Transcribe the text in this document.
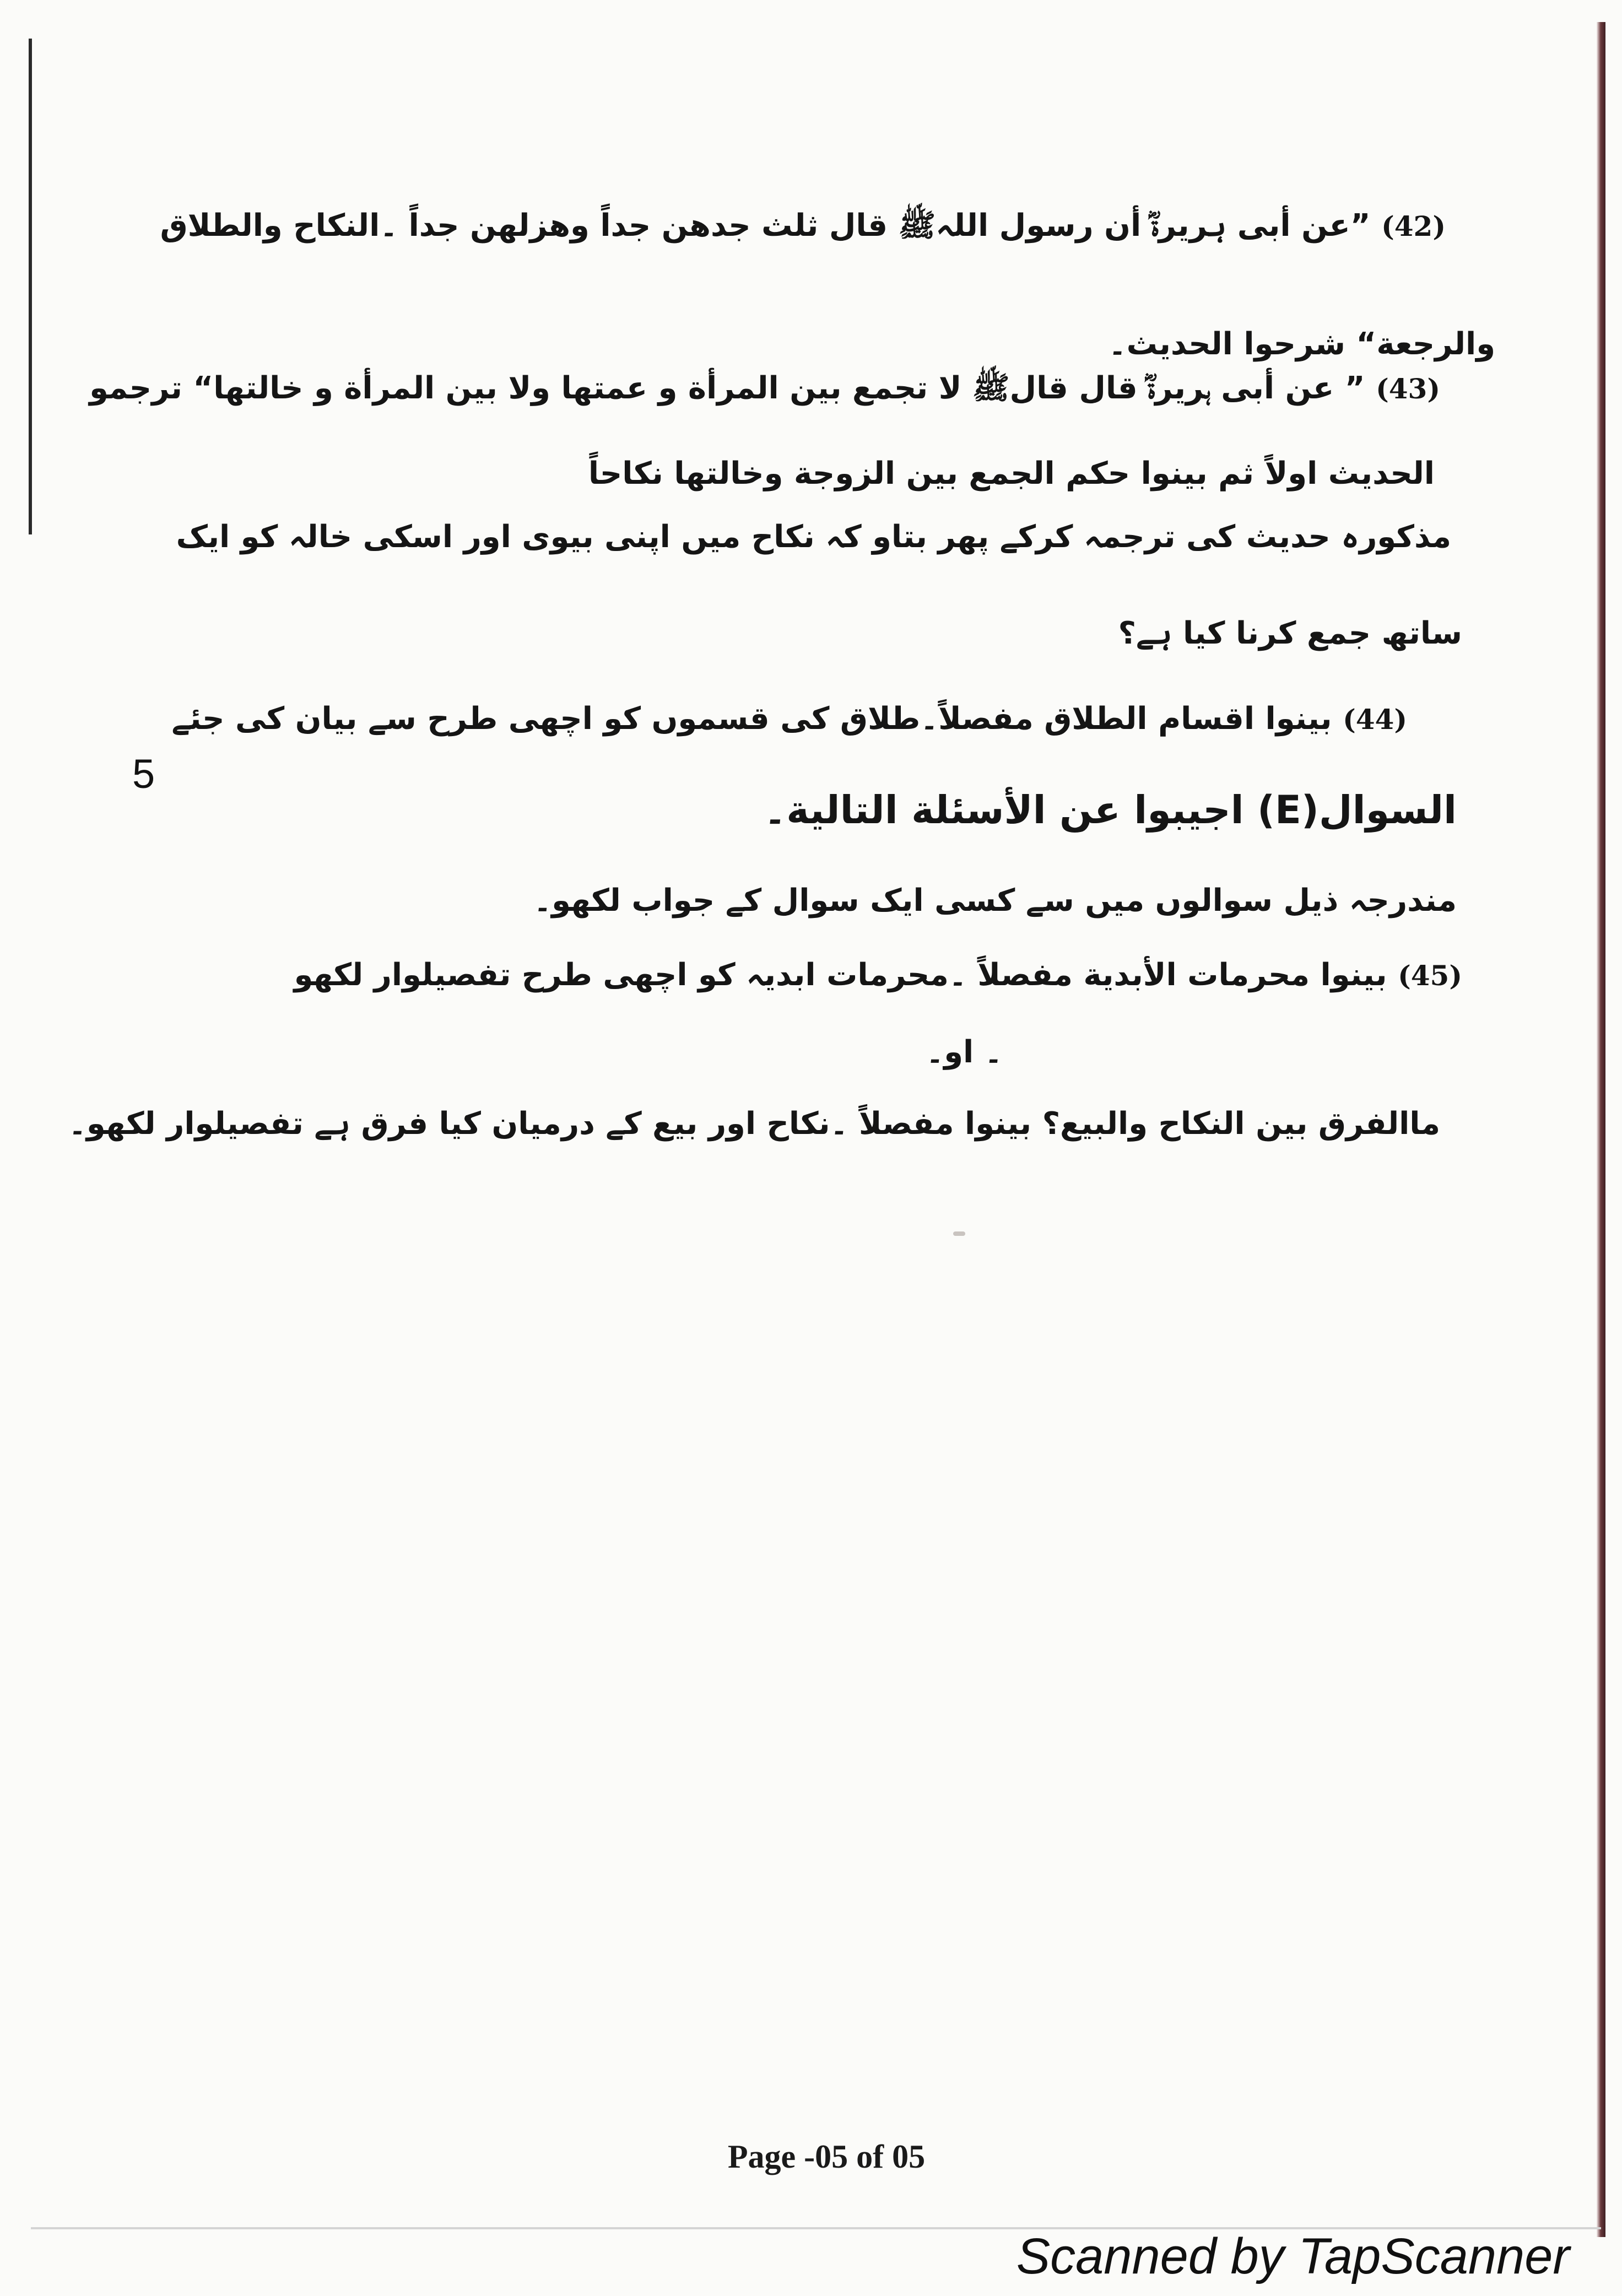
(42) ”عن أبی ہریرةؓ أن رسول اللہﷺ قال ثلث جدھن جداً وھزلھن جداً ۔النکاح والطلاق
والرجعة“ شرحوا الحدیث۔
(43) ” عن أبی ہریرةؓ قال قالﷺ لا تجمع بین المرأة و عمتھا ولا بین المرأة و خالتھا“ ترجمو
الحدیث اولاً ثم بینوا حکم الجمع بین الزوجة وخالتھا نکاحاً
مذکورہ حدیث کی ترجمہ کرکے پھر بتاو کہ نکاح میں اپنی بیوی اور اسکی خالہ کو ایک
ساتھ جمع کرنا کیا ہے؟
(44) بینوا اقسام الطلاق مفصلاً۔طلاق کی قسموں کو اچھی طرح سے بیان کی جئے
5
السوال(E) اجیبوا عن الأسئلة التالیة۔
مندرجہ ذیل سوالوں میں سے کسی ایک سوال کے جواب لکھو۔
(45) بینوا محرمات الأبدیة مفصلاً ۔محرمات ابدیہ کو اچھی طرح تفصیلوار لکھو
۔ او۔
ماالفرق بین النکاح والبیع؟ بینوا مفصلاً ۔نکاح اور بیع کے درمیان کیا فرق ہے تفصیلوار لکھو۔
Page -05 of 05
Scanned by TapScanner
